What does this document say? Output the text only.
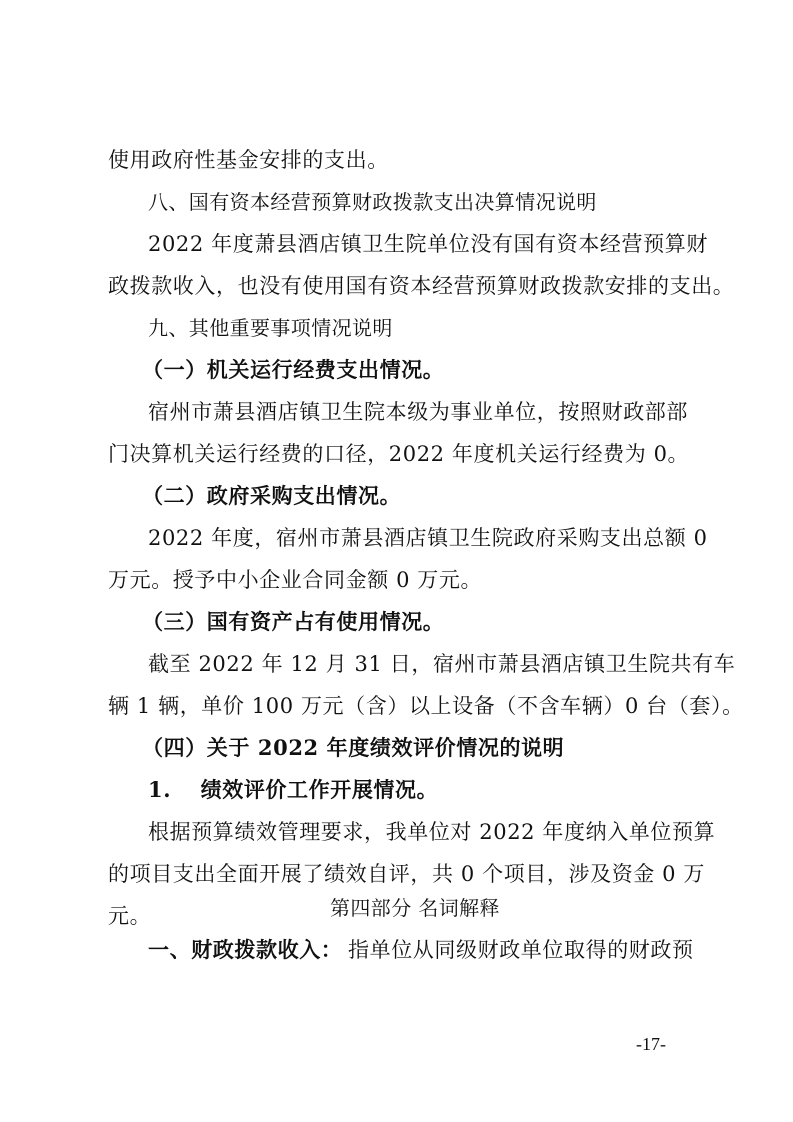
使用政府性基金安排的支出。
八、国有资本经营预算财政拨款支出决算情况说明
2022 年度萧县酒店镇卫生院单位没有国有资本经营预算财
政拨款收入，也没有使用国有资本经营预算财政拨款安排的支出。
九、其他重要事项情况说明
（一）机关运行经费支出情况。
宿州市萧县酒店镇卫生院本级为事业单位，按照财政部部
门决算机关运行经费的口径，2022 年度机关运行经费为 0。
（二）政府采购支出情况。
2022 年度，宿州市萧县酒店镇卫生院政府采购支出总额 0
万元。授予中小企业合同金额 0 万元。
（三）国有资产占有使用情况。
截至 2022 年 12 月 31 日，宿州市萧县酒店镇卫生院共有车
辆 1 辆，单价 100 万元（含）以上设备（不含车辆）0 台（套）。
（四）关于 2022 年度绩效评价情况的说明
1.　 绩效评价工作开展情况。
根据预算绩效管理要求，我单位对 2022 年度纳入单位预算
的项目支出全面开展了绩效自评，共 0 个项目，涉及资金 0 万
元。	第四部分 名词解释
一、财政拨款收入： 指单位从同级财政单位取得的财政预
-17-
